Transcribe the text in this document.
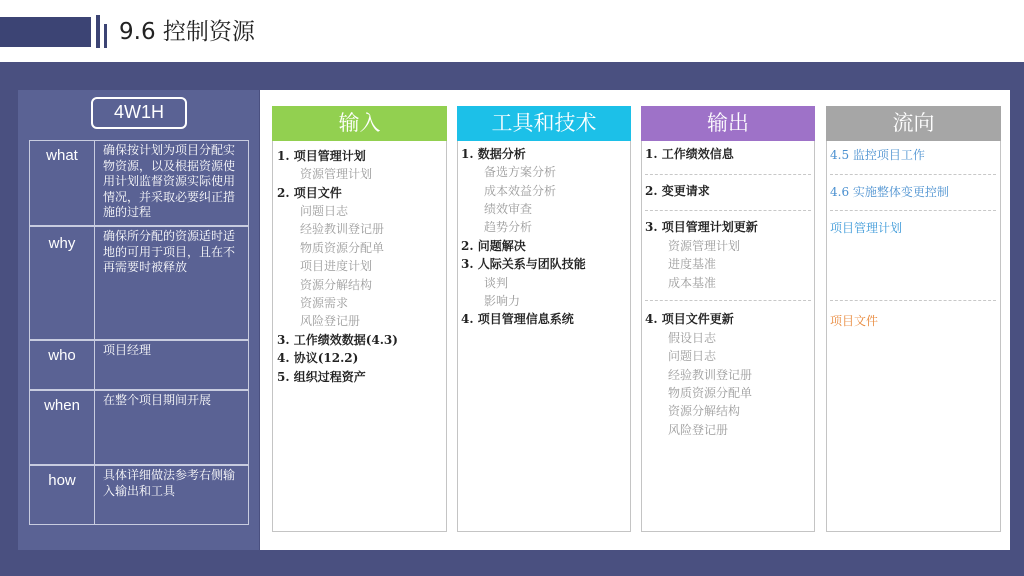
9.6 控制资源
4W1H
what	确保按计划为项目分配实物资源，以及根据资源使用计划监督资源实际使用情况，并采取必要纠正措施的过程
why	确保所分配的资源适时适地的可用于项目，且在不再需要时被释放
who	项目经理
when	在整个项目期间开展
how	具体详细做法参考右侧输入输出和工具
输入
1. 项目管理计划
资源管理计划
2. 项目文件
问题日志
经验教训登记册
物质资源分配单
项目进度计划
资源分解结构
资源需求
风险登记册
3. 工作绩效数据(4.3)
4. 协议(12.2)
5. 组织过程资产
工具和技术
1. 数据分析
备选方案分析
成本效益分析
绩效审查
趋势分析
2. 问题解决
3. 人际关系与团队技能
谈判
影响力
4. 项目管理信息系统
输出
1. 工作绩效信息
2. 变更请求
3. 项目管理计划更新
资源管理计划
进度基准
成本基准
4. 项目文件更新
假设日志
问题日志
经验教训登记册
物质资源分配单
资源分解结构
风险登记册
流向
4.5 监控项目工作
4.6 实施整体变更控制
项目管理计划
项目文件
